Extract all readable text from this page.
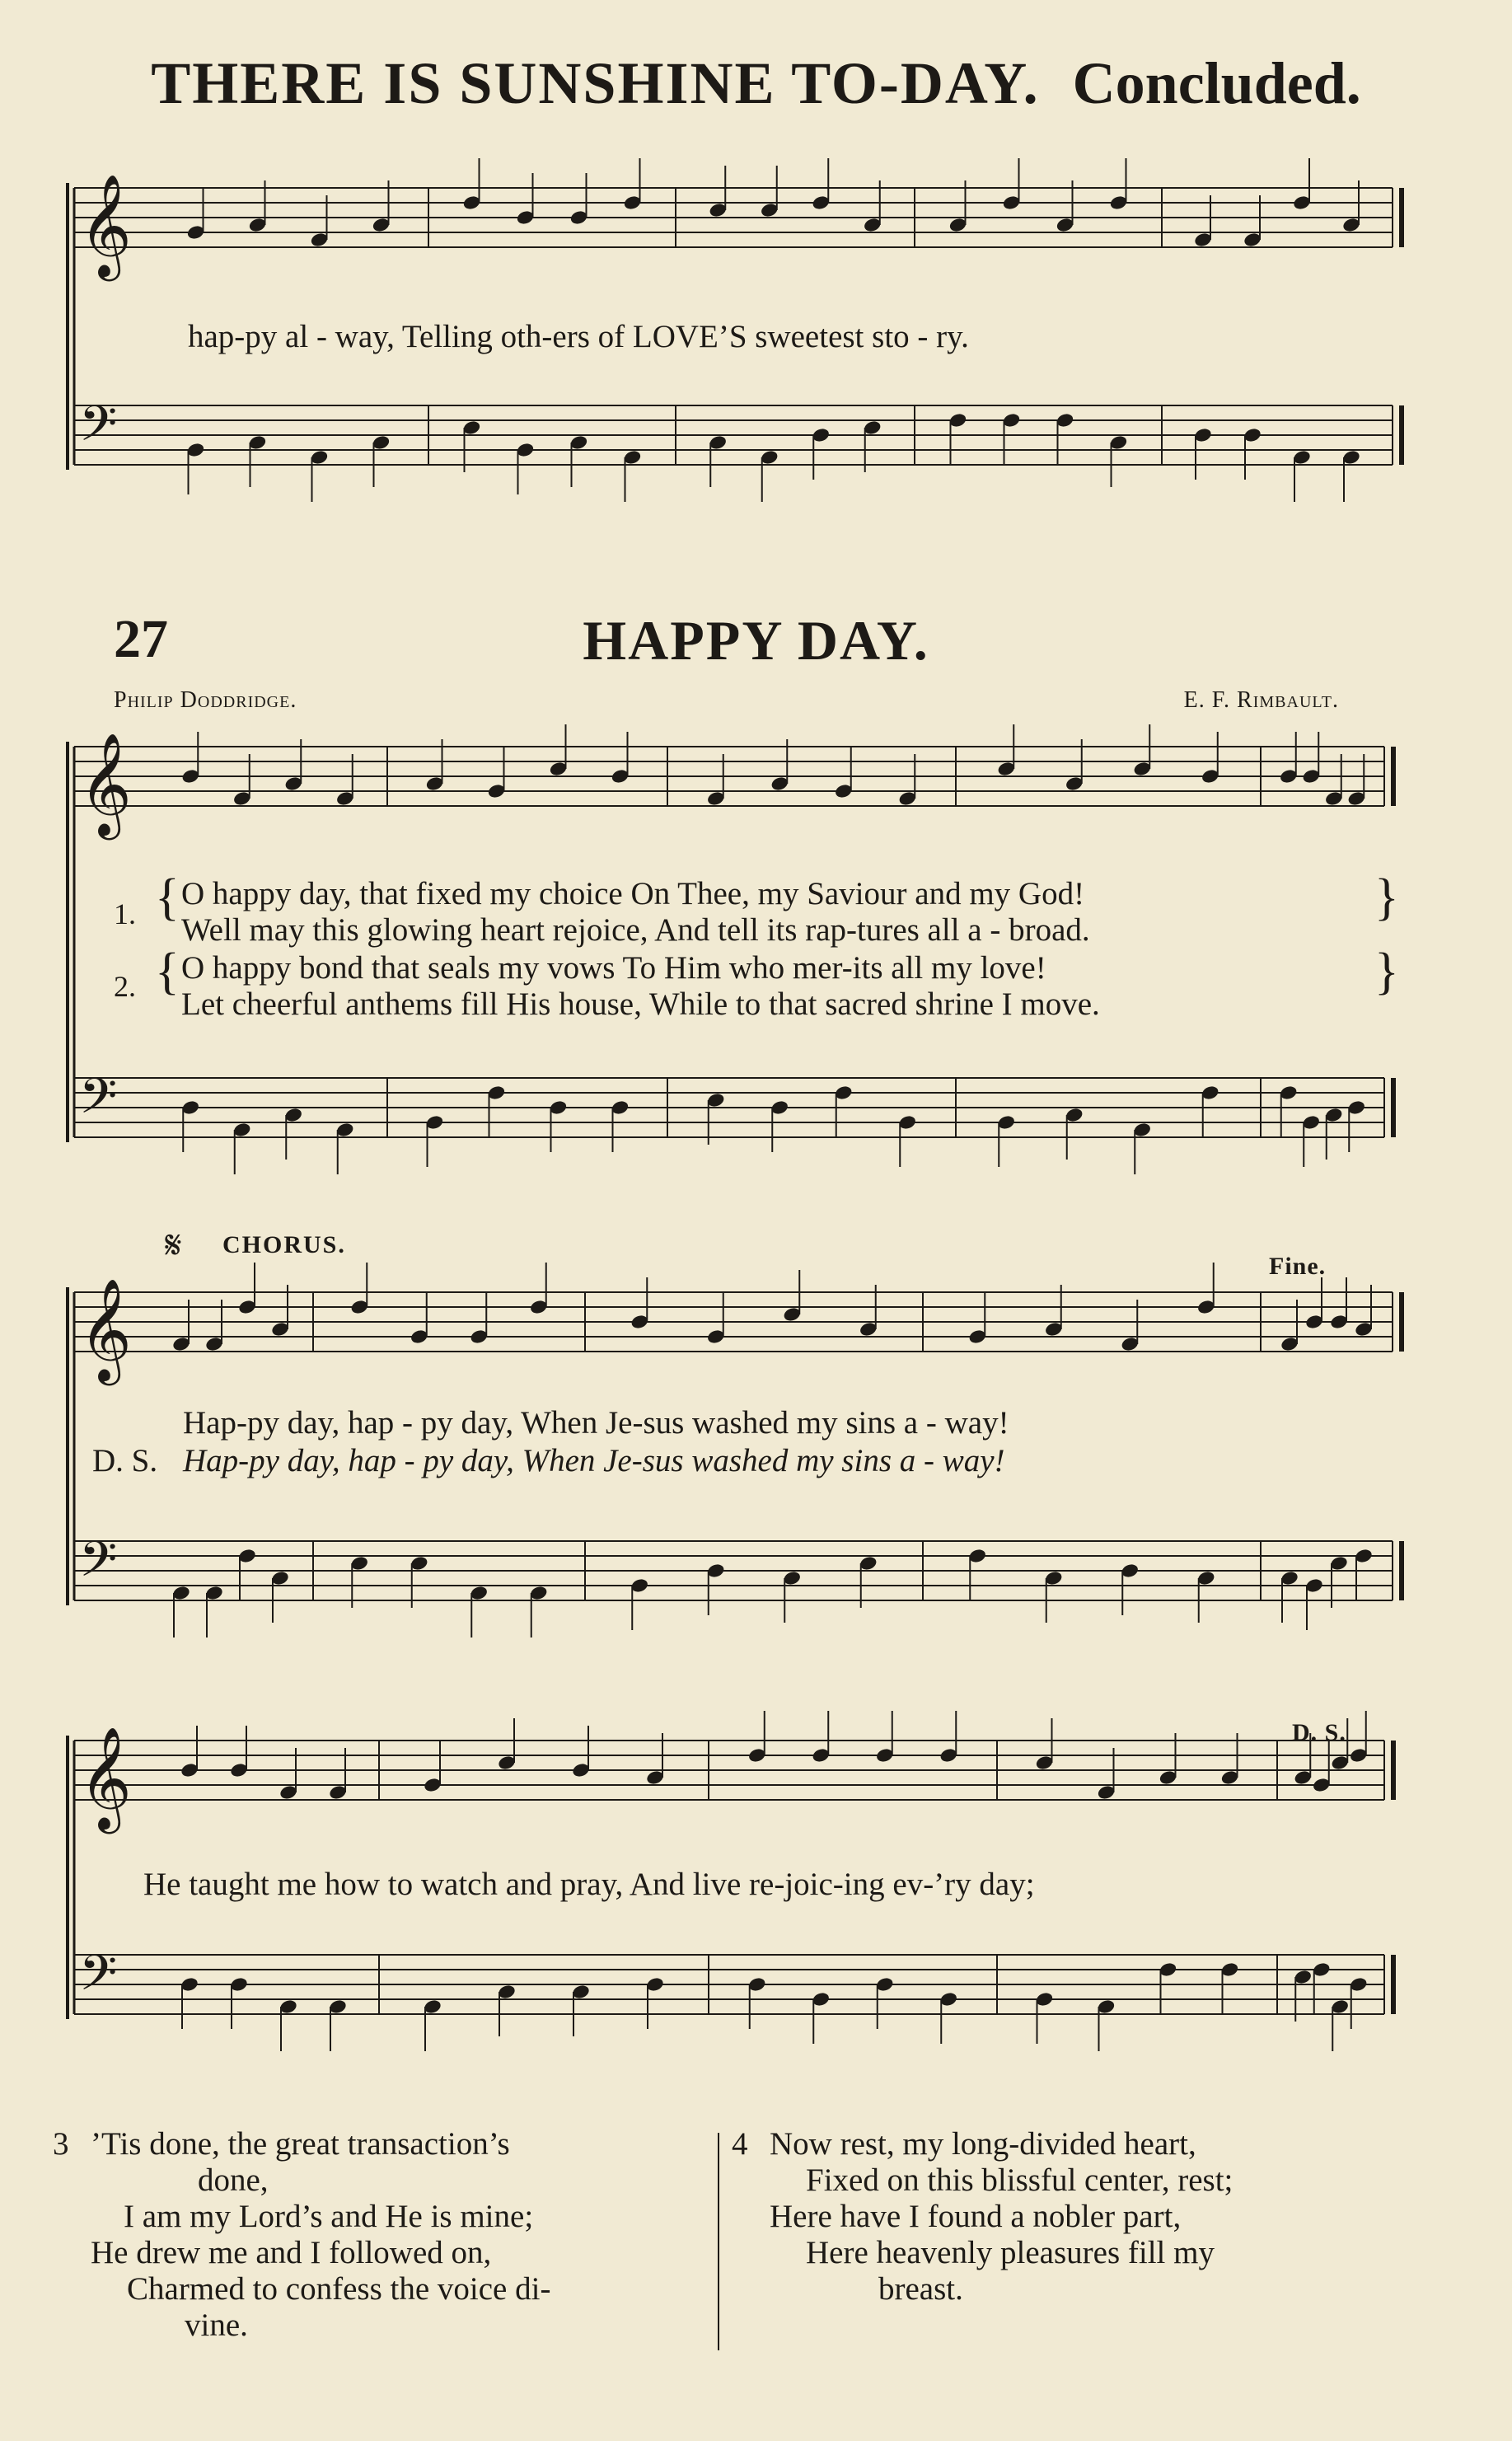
THERE IS SUNSHINE TO-DAY. Concluded.
𝄞
𝄢
𝄞
𝄢
𝄞
𝄢
𝄞
𝄢
hap-py al - way, Telling oth-ers of LOVE’S sweetest sto - ry.
27	HAPPY DAY.
Philip Doddridge.	E. F. Rimbault.
1. { O happy day, that fixed my choice On Thee, my Saviour and my God!
Well may this glowing heart rejoice, And tell its rap-tures all a - broad.
}
2. { O happy bond that seals my vows To Him who mer-its all my love!
Let cheerful anthems fill His house, While to that sacred shrine I move.
}
𝄋 CHORUS.
Fine.
Hap-py day, hap - py day, When Je-sus washed my sins a - way!
D. S. Hap-py day, hap - py day, When Je-sus washed my sins a - way!
D. S.
He taught me how to watch and pray, And live re-joic-ing ev-’ry day;
3 ’Tis done, the great transaction’s
done,
I am my Lord’s and He is mine;
He drew me and I followed on,
Charmed to confess the voice di-
vine.
4 Now rest, my long-divided heart,
Fixed on this blissful center, rest;
Here have I found a nobler part,
Here heavenly pleasures fill my
breast.
